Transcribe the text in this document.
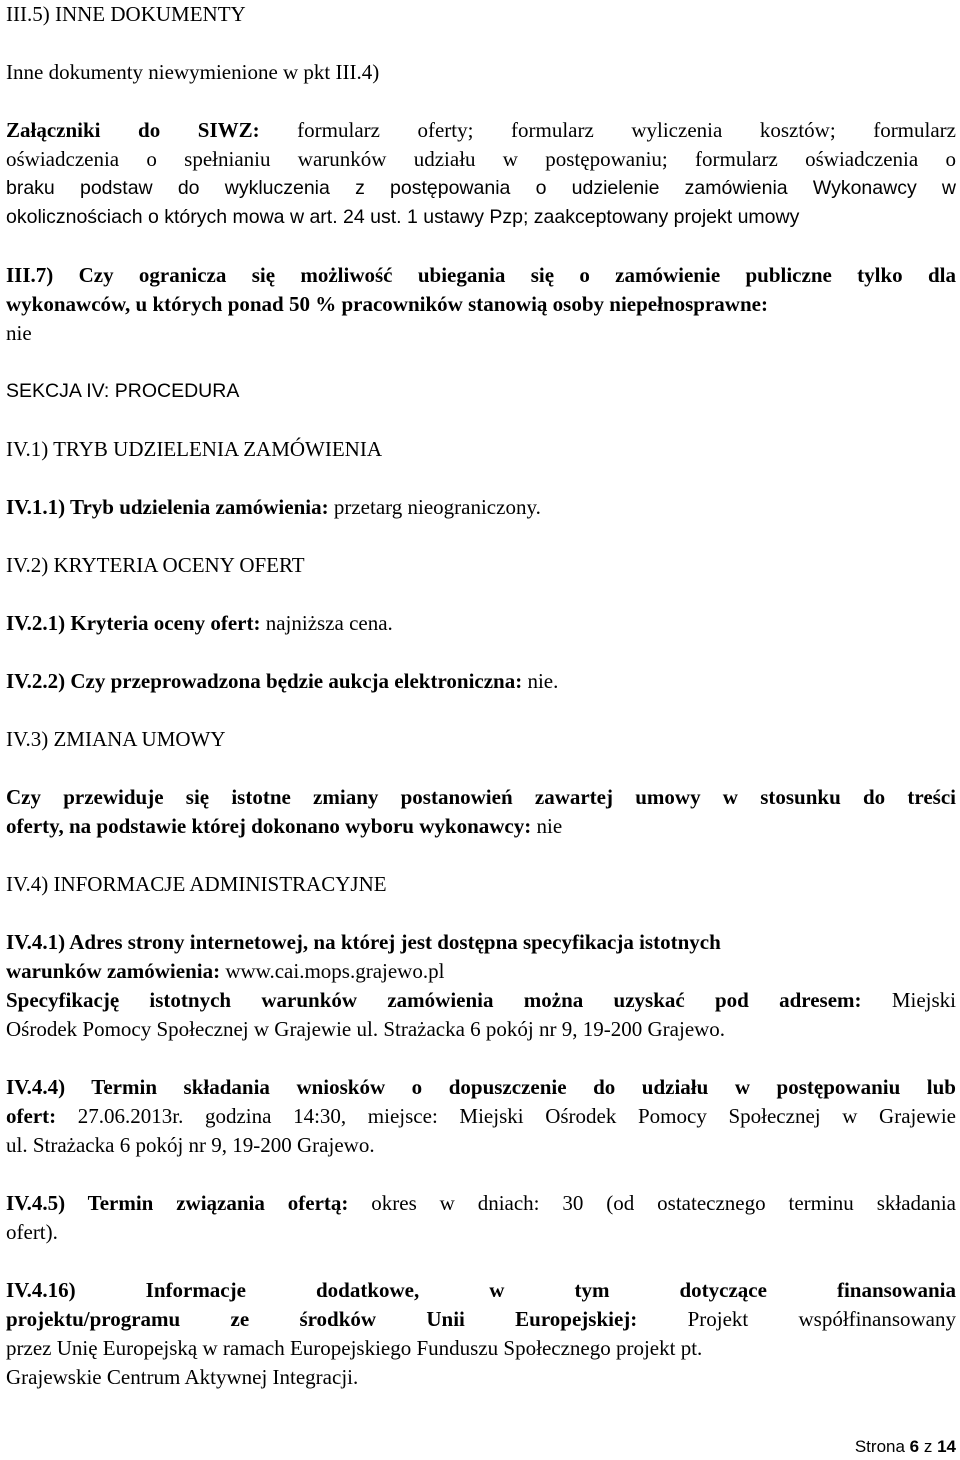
III.5) INNE DOKUMENTY

Inne dokumenty niewymienione w pkt III.4)

Załączniki do SIWZ: formularz oferty; formularz wyliczenia kosztów; formularz

oświadczenia o spełnianiu warunków udziału w postępowaniu; formularz oświadczenia o

braku podstaw do wykluczenia z postępowania o udzielenie zamówienia Wykonawcy w

okolicznościach o których mowa w art. 24 ust. 1 ustawy Pzp; zaakceptowany projekt umowy

III.7) Czy ogranicza się możliwość ubiegania się o zamówienie publiczne tylko dla

wykonawców, u których ponad 50 % pracowników stanowią osoby niepełnosprawne:

nie

SEKCJA IV: PROCEDURA

IV.1) TRYB UDZIELENIA ZAMÓWIENIA

IV.1.1) Tryb udzielenia zamówienia: przetarg nieograniczony.

IV.2) KRYTERIA OCENY OFERT

IV.2.1) Kryteria oceny ofert: najniższa cena.

IV.2.2) Czy przeprowadzona będzie aukcja elektroniczna: nie.

IV.3) ZMIANA UMOWY

Czy przewiduje się istotne zmiany postanowień zawartej umowy w stosunku do treści

oferty, na podstawie której dokonano wyboru wykonawcy: nie

IV.4) INFORMACJE ADMINISTRACYJNE

IV.4.1) Adres strony internetowej, na której jest dostępna specyfikacja istotnych

warunków zamówienia: www.cai.mops.grajewo.pl

Specyfikację istotnych warunków zamówienia można uzyskać pod adresem: Miejski

Ośrodek Pomocy Społecznej w Grajewie ul. Strażacka 6 pokój nr 9, 19-200 Grajewo.

IV.4.4) Termin składania wniosków o dopuszczenie do udziału w postępowaniu lub

ofert: 27.06.2013r. godzina 14:30, miejsce: Miejski Ośrodek Pomocy Społecznej w Grajewie

ul. Strażacka 6 pokój nr 9, 19-200 Grajewo.

IV.4.5) Termin związania ofertą: okres w dniach: 30 (od ostatecznego terminu składania

ofert).

IV.4.16) Informacje dodatkowe, w tym dotyczące finansowania

projektu/programu ze środków Unii Europejskiej: Projekt współfinansowany

przez Unię Europejską w ramach Europejskiego Funduszu Społecznego projekt pt.

Grajewskie Centrum Aktywnej Integracji.

Strona 6 z 14
